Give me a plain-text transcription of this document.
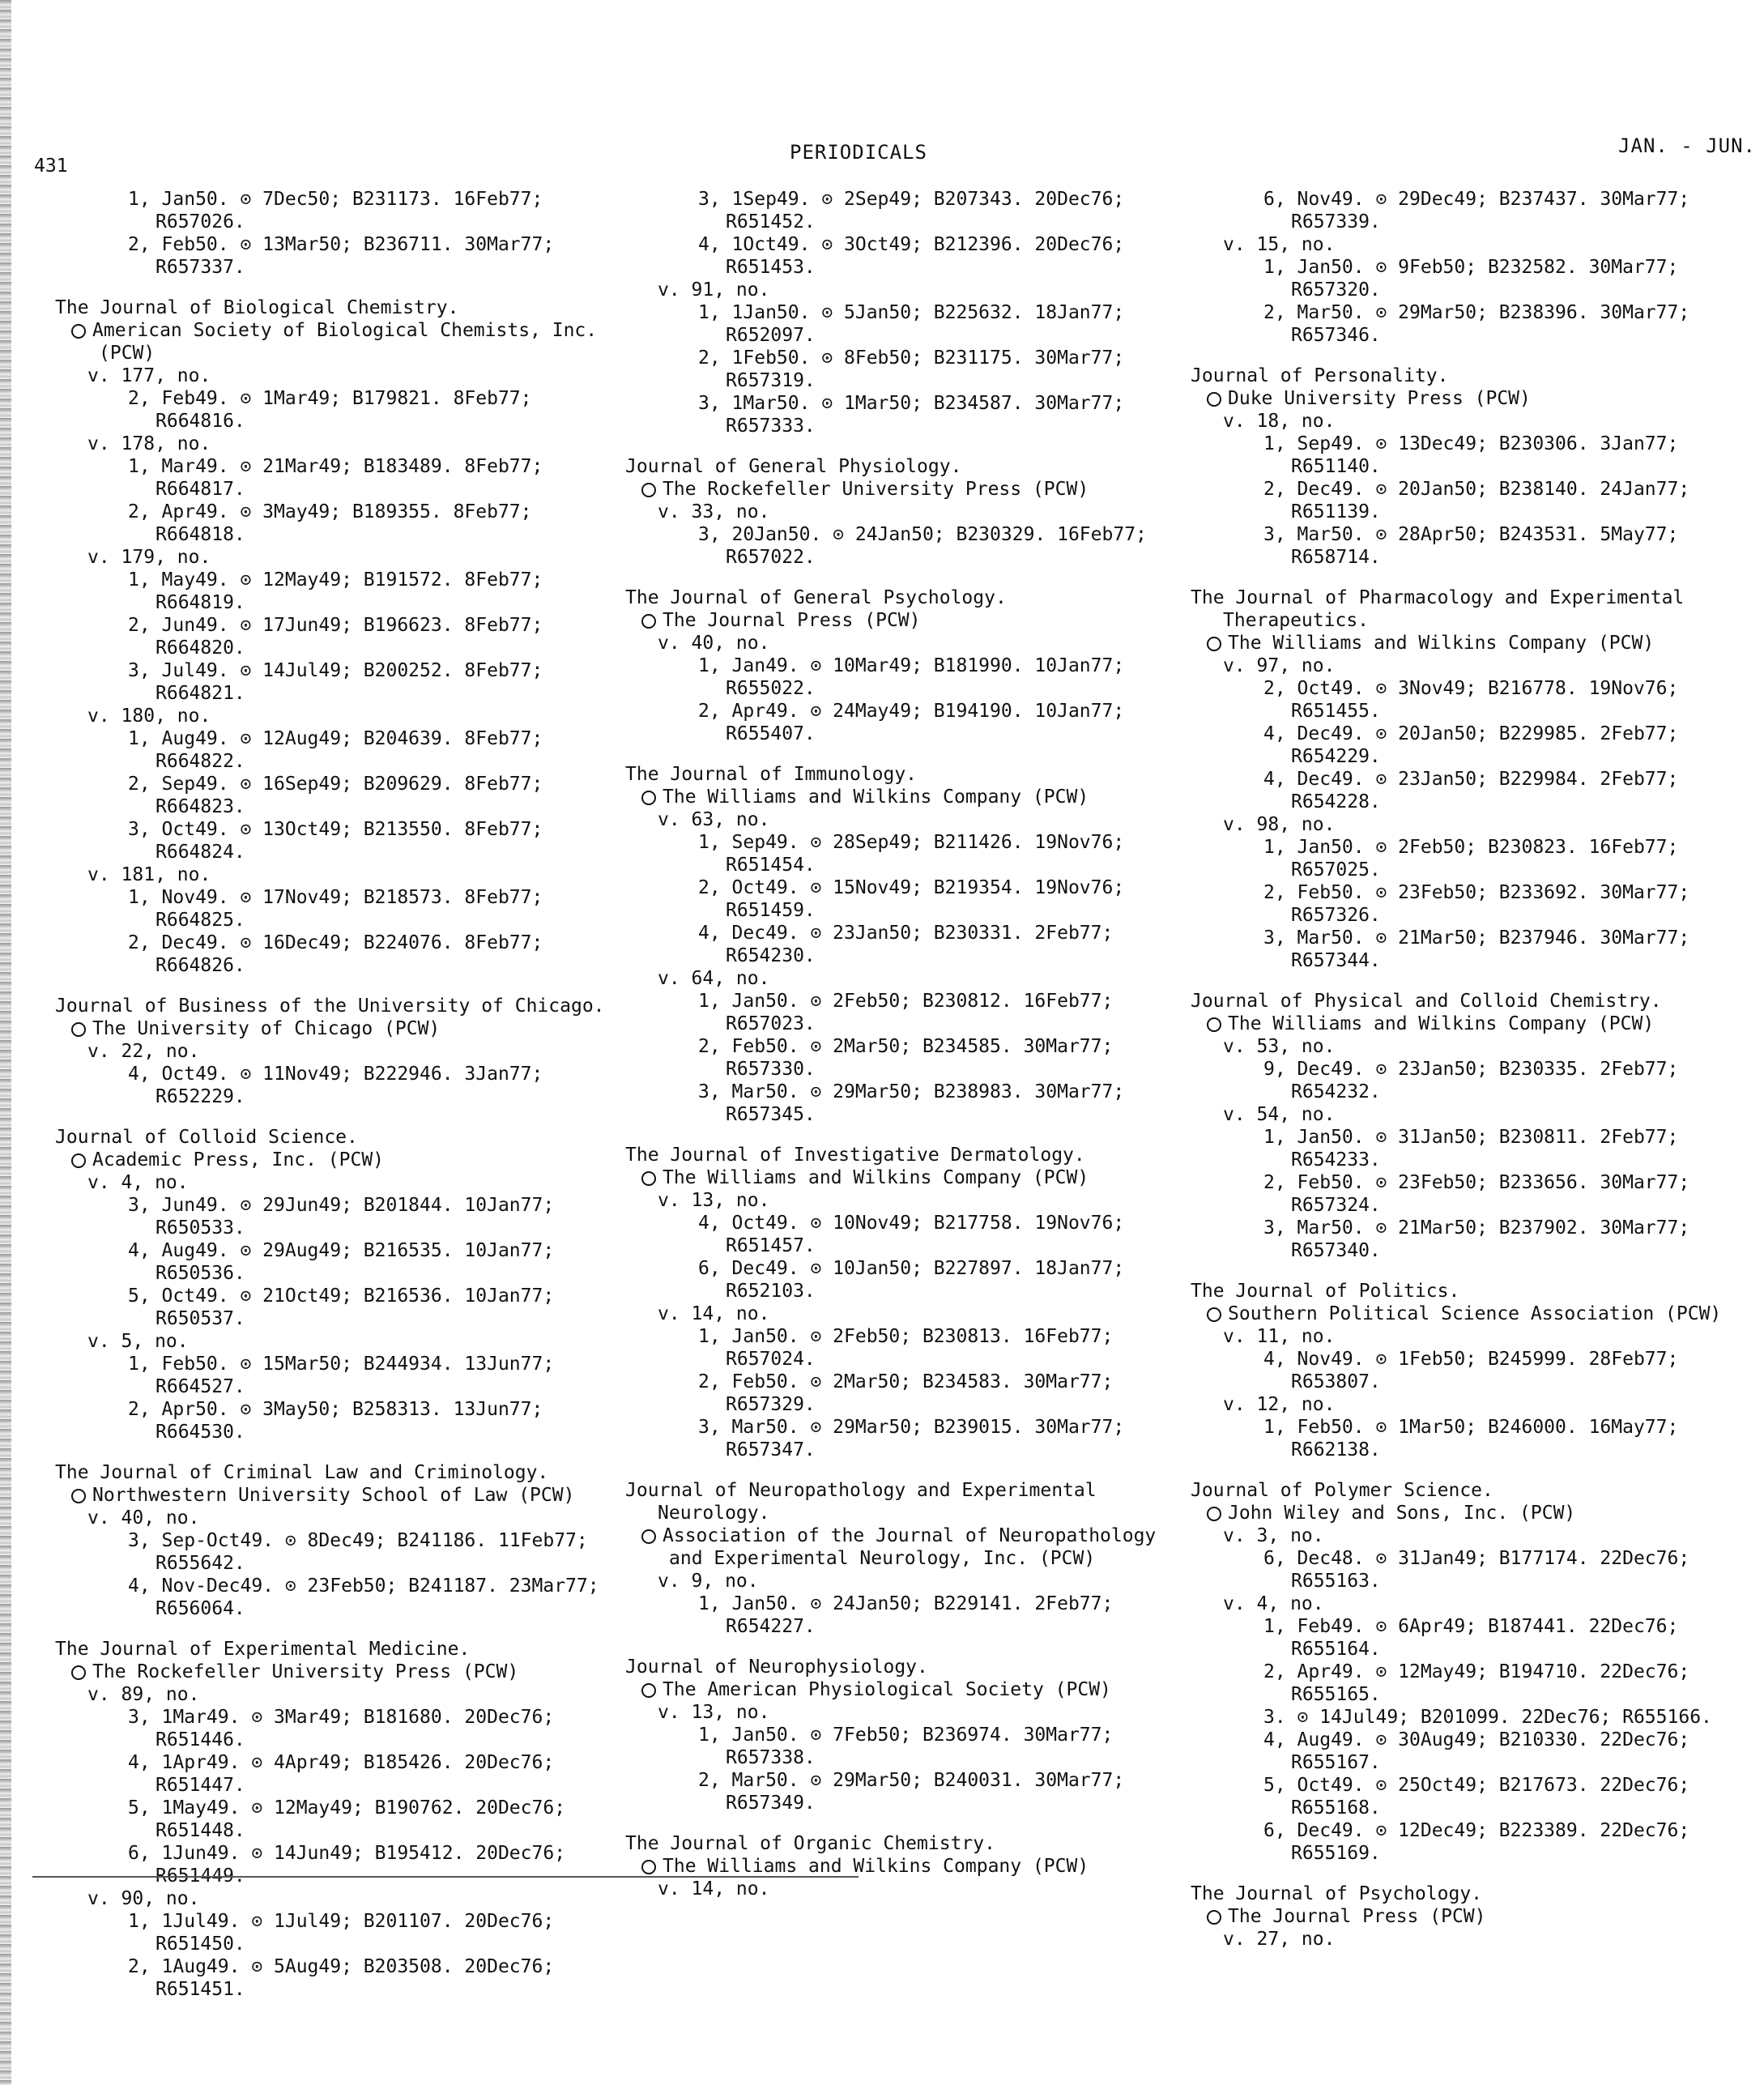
431
PERIODICALS	JAN. - JUN.
1, Jan50. ⊙ 7Dec50; B231173. 16Feb77; R657026.
2, Feb50. ⊙ 13Mar50; B236711. 30Mar77; R657337.
The Journal of Biological Chemistry.
American Society of Biological Chemists, Inc. (PCW)
v. 177, no.
2, Feb49. ⊙ 1Mar49; B179821. 8Feb77; R664816.
v. 178, no.
1, Mar49. ⊙ 21Mar49; B183489. 8Feb77; R664817.
2, Apr49. ⊙ 3May49; B189355. 8Feb77; R664818.
v. 179, no.
1, May49. ⊙ 12May49; B191572. 8Feb77; R664819.
2, Jun49. ⊙ 17Jun49; B196623. 8Feb77; R664820.
3, Jul49. ⊙ 14Jul49; B200252. 8Feb77; R664821.
v. 180, no.
1, Aug49. ⊙ 12Aug49; B204639. 8Feb77; R664822.
2, Sep49. ⊙ 16Sep49; B209629. 8Feb77; R664823.
3, Oct49. ⊙ 13Oct49; B213550. 8Feb77; R664824.
v. 181, no.
1, Nov49. ⊙ 17Nov49; B218573. 8Feb77; R664825.
2, Dec49. ⊙ 16Dec49; B224076. 8Feb77; R664826.
Journal of Business of the University of Chicago.
The University of Chicago (PCW)
v. 22, no.
4, Oct49. ⊙ 11Nov49; B222946. 3Jan77; R652229.
Journal of Colloid Science.
Academic Press, Inc. (PCW)
v. 4, no.
3, Jun49. ⊙ 29Jun49; B201844. 10Jan77; R650533.
4, Aug49. ⊙ 29Aug49; B216535. 10Jan77; R650536.
5, Oct49. ⊙ 21Oct49; B216536. 10Jan77; R650537.
v. 5, no.
1, Feb50. ⊙ 15Mar50; B244934. 13Jun77; R664527.
2, Apr50. ⊙ 3May50; B258313. 13Jun77; R664530.
The Journal of Criminal Law and Criminology.
Northwestern University School of Law (PCW)
v. 40, no.
3, Sep-Oct49. ⊙ 8Dec49; B241186. 11Feb77; R655642.
4, Nov-Dec49. ⊙ 23Feb50; B241187. 23Mar77; R656064.
The Journal of Experimental Medicine.
The Rockefeller University Press (PCW)
v. 89, no.
3, 1Mar49. ⊙ 3Mar49; B181680. 20Dec76; R651446.
4, 1Apr49. ⊙ 4Apr49; B185426. 20Dec76; R651447.
5, 1May49. ⊙ 12May49; B190762. 20Dec76; R651448.
6, 1Jun49. ⊙ 14Jun49; B195412. 20Dec76; R651449.
v. 90, no.
1, 1Jul49. ⊙ 1Jul49; B201107. 20Dec76; R651450.
2, 1Aug49. ⊙ 5Aug49; B203508. 20Dec76; R651451.
3, 1Sep49. ⊙ 2Sep49; B207343. 20Dec76; R651452.
4, 1Oct49. ⊙ 3Oct49; B212396. 20Dec76; R651453.
v. 91, no.
1, 1Jan50. ⊙ 5Jan50; B225632. 18Jan77; R652097.
2, 1Feb50. ⊙ 8Feb50; B231175. 30Mar77; R657319.
3, 1Mar50. ⊙ 1Mar50; B234587. 30Mar77; R657333.
Journal of General Physiology.
The Rockefeller University Press (PCW)
v. 33, no.
3, 20Jan50. ⊙ 24Jan50; B230329. 16Feb77; R657022.
The Journal of General Psychology.
The Journal Press (PCW)
v. 40, no.
1, Jan49. ⊙ 10Mar49; B181990. 10Jan77; R655022.
2, Apr49. ⊙ 24May49; B194190. 10Jan77; R655407.
The Journal of Immunology.
The Williams and Wilkins Company (PCW)
v. 63, no.
1, Sep49. ⊙ 28Sep49; B211426. 19Nov76; R651454.
2, Oct49. ⊙ 15Nov49; B219354. 19Nov76; R651459.
4, Dec49. ⊙ 23Jan50; B230331. 2Feb77; R654230.
v. 64, no.
1, Jan50. ⊙ 2Feb50; B230812. 16Feb77; R657023.
2, Feb50. ⊙ 2Mar50; B234585. 30Mar77; R657330.
3, Mar50. ⊙ 29Mar50; B238983. 30Mar77; R657345.
The Journal of Investigative Dermatology.
The Williams and Wilkins Company (PCW)
v. 13, no.
4, Oct49. ⊙ 10Nov49; B217758. 19Nov76; R651457.
6, Dec49. ⊙ 10Jan50; B227897. 18Jan77; R652103.
v. 14, no.
1, Jan50. ⊙ 2Feb50; B230813. 16Feb77; R657024.
2, Feb50. ⊙ 2Mar50; B234583. 30Mar77; R657329.
3, Mar50. ⊙ 29Mar50; B239015. 30Mar77; R657347.
Journal of Neuropathology and Experimental Neurology.
Association of the Journal of Neuropathology and Experimental Neurology, Inc. (PCW)
v. 9, no.
1, Jan50. ⊙ 24Jan50; B229141. 2Feb77; R654227.
Journal of Neurophysiology.
The American Physiological Society (PCW)
v. 13, no.
1, Jan50. ⊙ 7Feb50; B236974. 30Mar77; R657338.
2, Mar50. ⊙ 29Mar50; B240031. 30Mar77; R657349.
The Journal of Organic Chemistry.
The Williams and Wilkins Company (PCW)
v. 14, no.
6, Nov49. ⊙ 29Dec49; B237437. 30Mar77; R657339.
v. 15, no.
1, Jan50. ⊙ 9Feb50; B232582. 30Mar77; R657320.
2, Mar50. ⊙ 29Mar50; B238396. 30Mar77; R657346.
Journal of Personality.
Duke University Press (PCW)
v. 18, no.
1, Sep49. ⊙ 13Dec49; B230306. 3Jan77; R651140.
2, Dec49. ⊙ 20Jan50; B238140. 24Jan77; R651139.
3, Mar50. ⊙ 28Apr50; B243531. 5May77; R658714.
The Journal of Pharmacology and Experimental Therapeutics.
The Williams and Wilkins Company (PCW)
v. 97, no.
2, Oct49. ⊙ 3Nov49; B216778. 19Nov76; R651455.
4, Dec49. ⊙ 20Jan50; B229985. 2Feb77; R654229.
4, Dec49. ⊙ 23Jan50; B229984. 2Feb77; R654228.
v. 98, no.
1, Jan50. ⊙ 2Feb50; B230823. 16Feb77; R657025.
2, Feb50. ⊙ 23Feb50; B233692. 30Mar77; R657326.
3, Mar50. ⊙ 21Mar50; B237946. 30Mar77; R657344.
Journal of Physical and Colloid Chemistry.
The Williams and Wilkins Company (PCW)
v. 53, no.
9, Dec49. ⊙ 23Jan50; B230335. 2Feb77; R654232.
v. 54, no.
1, Jan50. ⊙ 31Jan50; B230811. 2Feb77; R654233.
2, Feb50. ⊙ 23Feb50; B233656. 30Mar77; R657324.
3, Mar50. ⊙ 21Mar50; B237902. 30Mar77; R657340.
The Journal of Politics.
Southern Political Science Association (PCW)
v. 11, no.
4, Nov49. ⊙ 1Feb50; B245999. 28Feb77; R653807.
v. 12, no.
1, Feb50. ⊙ 1Mar50; B246000. 16May77; R662138.
Journal of Polymer Science.
John Wiley and Sons, Inc. (PCW)
v. 3, no.
6, Dec48. ⊙ 31Jan49; B177174. 22Dec76; R655163.
v. 4, no.
1, Feb49. ⊙ 6Apr49; B187441. 22Dec76; R655164.
2, Apr49. ⊙ 12May49; B194710. 22Dec76; R655165.
3. ⊙ 14Jul49; B201099. 22Dec76; R655166.
4, Aug49. ⊙ 30Aug49; B210330. 22Dec76; R655167.
5, Oct49. ⊙ 25Oct49; B217673. 22Dec76; R655168.
6, Dec49. ⊙ 12Dec49; B223389. 22Dec76; R655169.
The Journal of Psychology.
The Journal Press (PCW)
v. 27, no.
